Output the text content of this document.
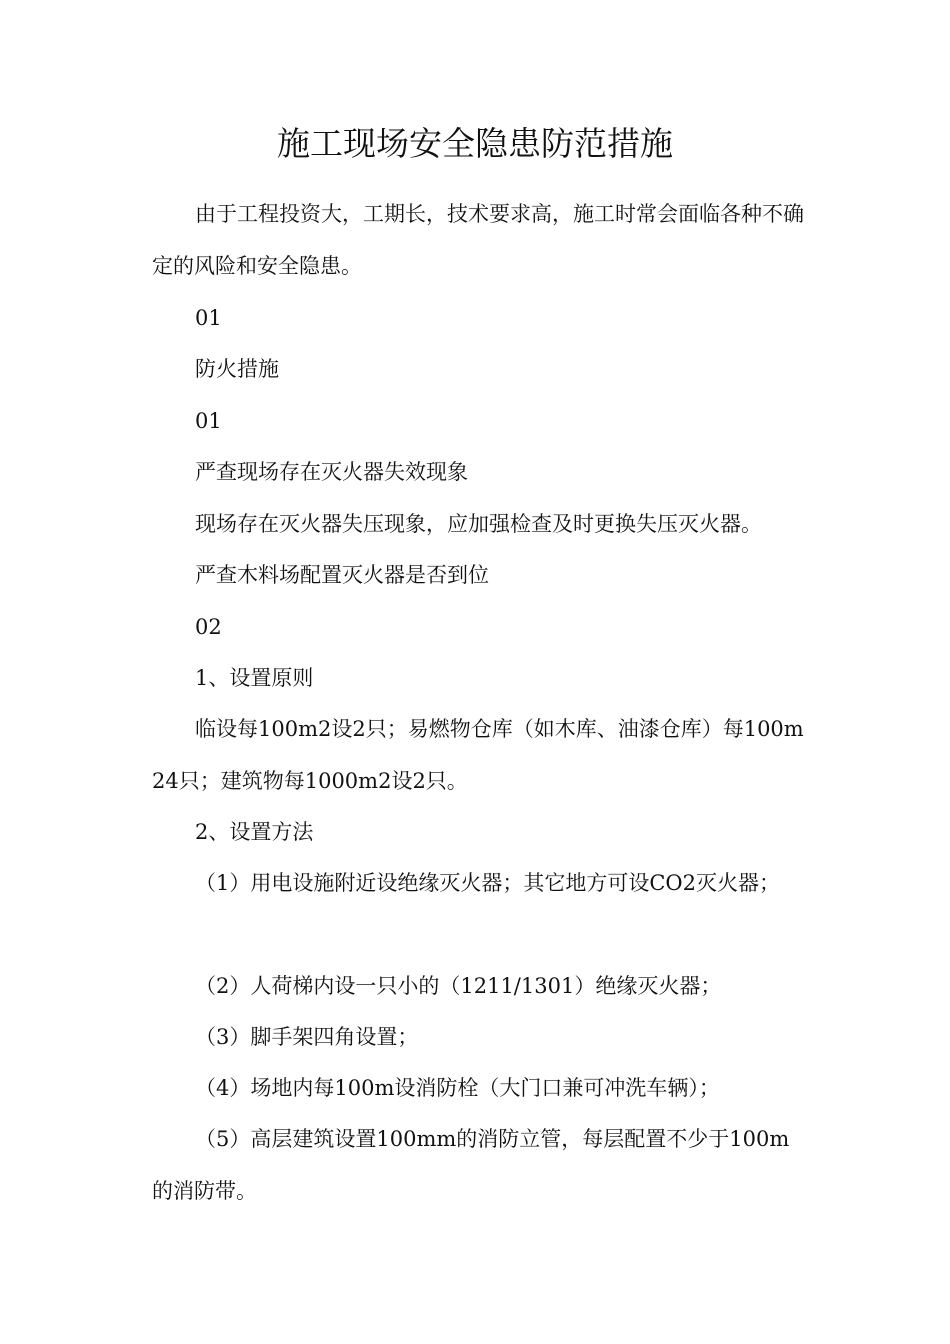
施工现场安全隐患防范措施
由于工程投资大，工期长，技术要求高，施工时常会面临各种不确定的风险和安全隐患。
01
防火措施
01
严查现场存在灭火器失效现象
现场存在灭火器失压现象，应加强检查及时更换失压灭火器。
严查木料场配置灭火器是否到位
02
1、设置原则
临设每100m2设2只；易燃物仓库（如木库、油漆仓库）每100m24只；建筑物每1000m2设2只。
2、设置方法
（1）用电设施附近设绝缘灭火器；其它地方可设CO2灭火器；
（2）人荷梯内设一只小的（1211/1301）绝缘灭火器；
（3）脚手架四角设置；
（4）场地内每100m设消防栓（大门口兼可冲洗车辆）；
（5）高层建筑设置100mm的消防立管，每层配置不少于100m的消防带。
